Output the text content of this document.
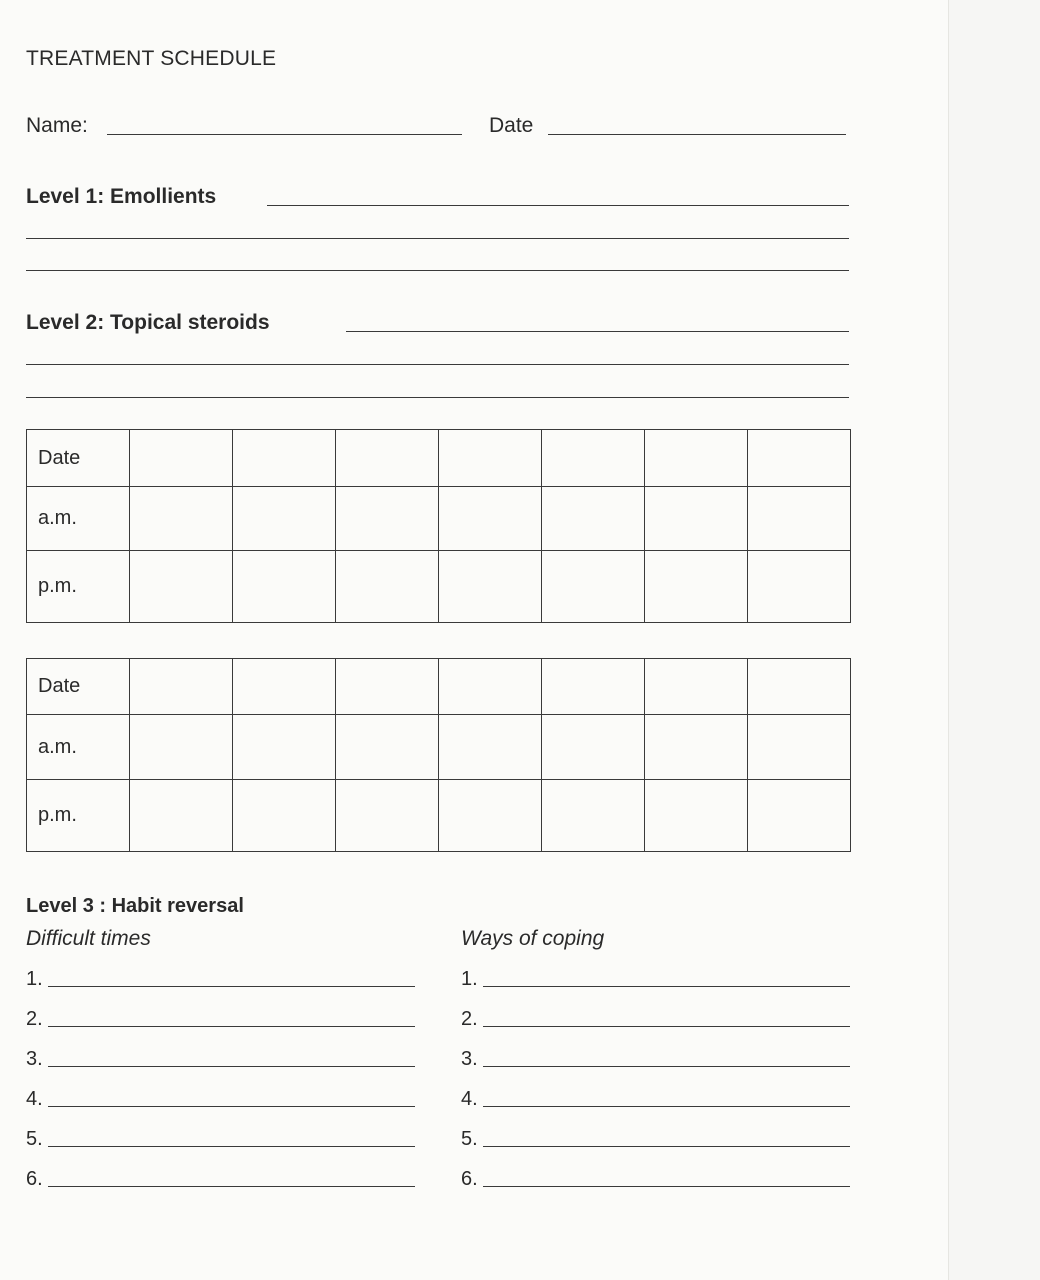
TREATMENT SCHEDULE
Name:	Date
Level 1: Emollients
Level 2: Topical steroids
Date							
a.m.							
p.m.							
Date							
a.m.							
p.m.							
Level 3 : Habit reversal
Difficult times	Ways of coping
1.
2.
3.
4.
5.
6.
1.
2.
3.
4.
5.
6.
